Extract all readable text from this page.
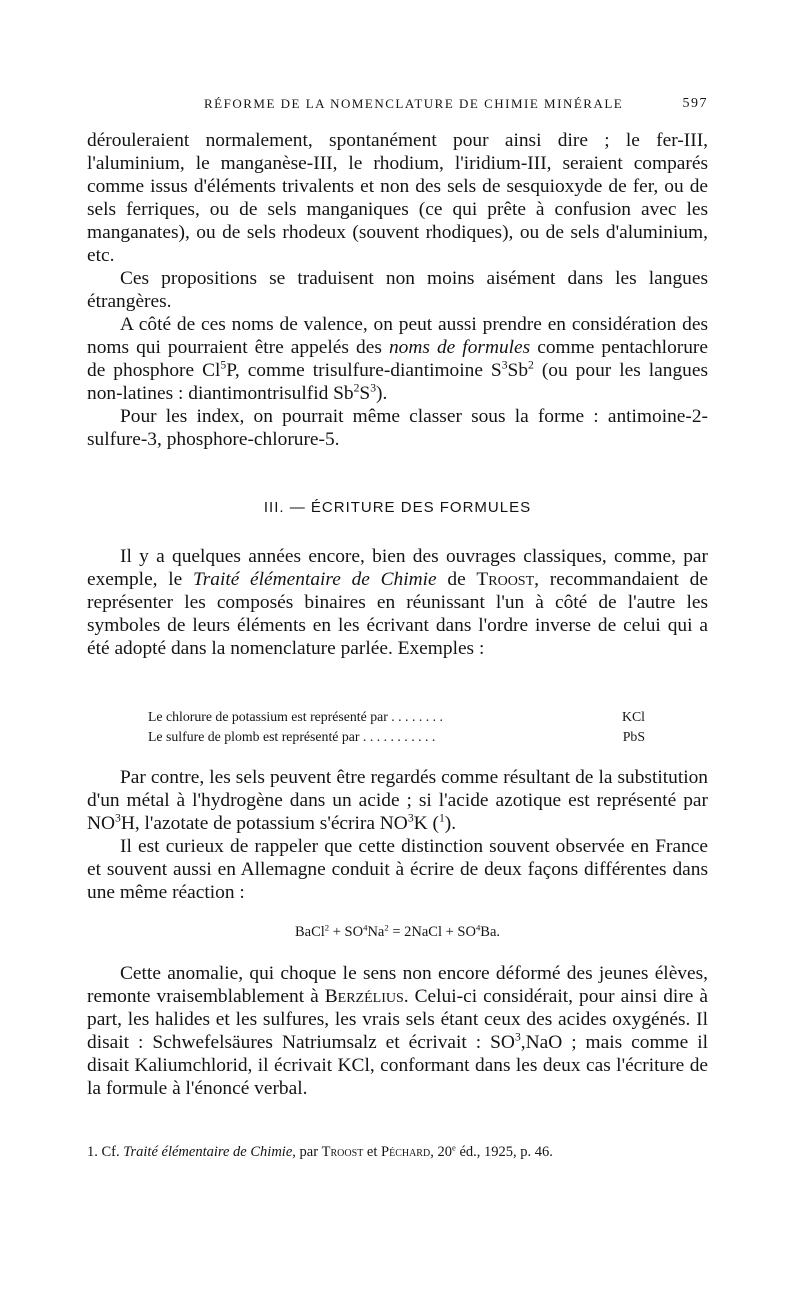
RÉFORME DE LA NOMENCLATURE DE CHIMIE MINÉRALE	597

dérouleraient normalement, spontanément pour ainsi dire ; le fer-III, l'aluminium, le manganèse-III, le rhodium, l'iridium-III, seraient comparés comme issus d'éléments trivalents et non des sels de sesquioxyde de fer, ou de sels ferriques, ou de sels manganiques (ce qui prête à confusion avec les manganates), ou de sels rhodeux (souvent rhodiques), ou de sels d'aluminium, etc.

Ces propositions se traduisent non moins aisément dans les langues étrangères.

A côté de ces noms de valence, on peut aussi prendre en considération des noms qui pourraient être appelés des noms de formules comme pentachlorure de phosphore Cl$^5$P, comme trisulfure-diantimoine $S^3Sb^2$ (ou pour les langues non-latines : diantimontrisulfid $Sb^2S^3$).

Pour les index, on pourrait même classer sous la forme : antimoine-2-sulfure-3, phosphore-chlorure-5.

III. — ÉCRITURE DES FORMULES

Il y a quelques années encore, bien des ouvrages classiques, comme, par exemple, le Traité élémentaire de Chimie de Troost, recommandaient de représenter les composés binaires en réunissant l'un à côté de l'autre les symboles de leurs éléments en les écrivant dans l'ordre inverse de celui qui a été adopté dans la nomenclature parlée. Exemples :

Le chlorure de potassium est représenté par . . . . . . . .	KCl
Le sulfure de plomb est représenté par . . . . . . . . . . .	PbS

Par contre, les sels peuvent être regardés comme résultant de la substitution d'un métal à l'hydrogène dans un acide ; si l'acide azotique est représenté par $NO^3H$, l'azotate de potassium s'écrira $NO^3K$ ($^1$).

Il est curieux de rappeler que cette distinction souvent observée en France et souvent aussi en Allemagne conduit à écrire de deux façons différentes dans une même réaction :

BaCl$^2$ + $SO^4Na^2$ = 2NaCl + $SO^4Ba$.

Cette anomalie, qui choque le sens non encore déformé des jeunes élèves, remonte vraisemblablement à Berzélius. Celui-ci considérait, pour ainsi dire à part, les halides et les sulfures, les vrais sels étant ceux des acides oxygénés. Il disait : Schwefelsäures Natriumsalz et écrivait : $SO^3,NaO$ ; mais comme il disait Kaliumchlorid, il écrivait KCl, conformant dans les deux cas l'écriture de la formule à l'énoncé verbal.

1. Cf. Traité élémentaire de Chimie, par Troost et Péchard, 20e éd., 1925, p. 46.
